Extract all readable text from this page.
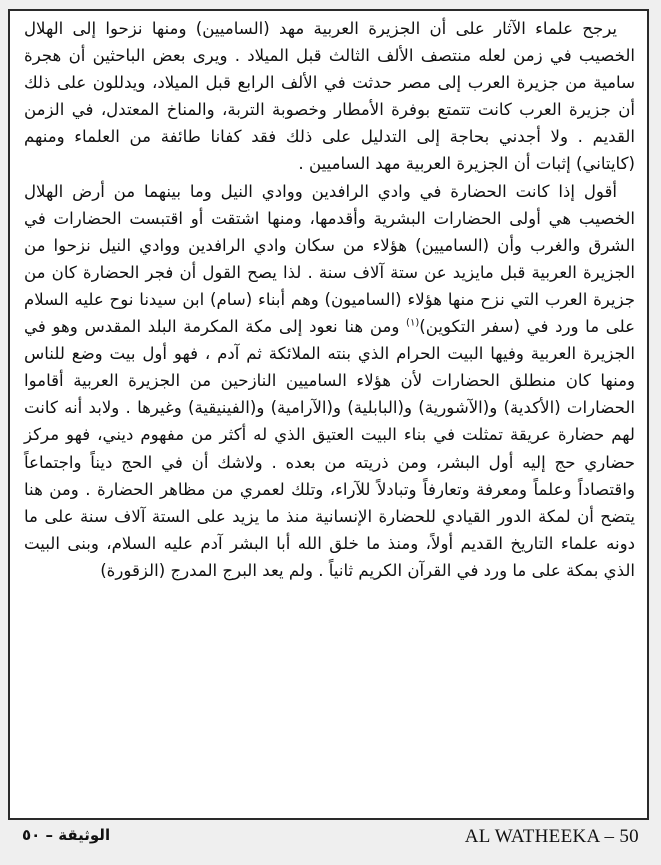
يرجح علماء الآثار على أن الجزيرة العربية مهد (الساميين) ومنها نزحوا إلى الهلال الخصيب في زمن لعله منتصف الألف الثالث قبل الميلاد . ويرى بعض الباحثين أن هجرة سامية من جزيرة العرب إلى مصر حدثت في الألف الرابع قبل الميلاد، ويدللون على ذلك أن جزيرة العرب كانت تتمتع بوفرة الأمطار وخصوبة التربة، والمناخ المعتدل، في الزمن القديم . ولا أجدني بحاجة إلى التدليل على ذلك فقد كفانا طائفة من العلماء ومنهم (كايتاني) إثبات أن الجزيرة العربية مهد الساميين .

أقول إذا كانت الحضارة في وادي الرافدين ووادي النيل وما بينهما من أرض الهلال الخصيب هي أولى الحضارات البشرية وأقدمها، ومنها اشتقت أو اقتبست الحضارات في الشرق والغرب وأن (الساميين) هؤلاء من سكان وادي الرافدين ووادي النيل نزحوا من الجزيرة العربية قبل مايزيد عن ستة آلاف سنة . لذا يصح القول أن فجر الحضارة كان من جزيرة العرب التي نزح منها هؤلاء (الساميون) وهم أبناء (سام) ابن سيدنا نوح عليه السلام على ما ورد في (سفر التكوين)$^{(١)}$ ومن هنا نعود إلى مكة المكرمة البلد المقدس وهو في الجزيرة العربية وفيها البيت الحرام الذي بنته الملائكة ثم آدم ، فهو أول بيت وضع للناس ومنها كان منطلق الحضارات لأن هؤلاء الساميين النازحين من الجزيرة العربية أقاموا الحضارات (الأكدية) و(الآشورية) و(البابلية) و(الآرامية) و(الفينيقية) وغيرها . ولابد أنه كانت لهم حضارة عريقة تمثلت في بناء البيت العتيق الذي له أكثر من مفهوم ديني، فهو مركز حضاري حج إليه أول البشر، ومن ذريته من بعده . ولاشك أن في الحج ديناً واجتماعاً واقتصاداً وعلماً ومعرفة وتعارفاً وتبادلاً للآراء، وتلك لعمري من مظاهر الحضارة . ومن هنا يتضح أن لمكة الدور القيادي للحضارة الإنسانية منذ ما يزيد على الستة آلاف سنة على ما دونه علماء التاريخ القديم أولاً، ومنذ ما خلق الله أبا البشر آدم عليه السلام، وبنى البيت الذي بمكة على ما ورد في القرآن الكريم ثانياً . ولم يعد البرج المدرج (الزقورة)

الوثيقة – ٥٠	AL WATHEEKA – 50
